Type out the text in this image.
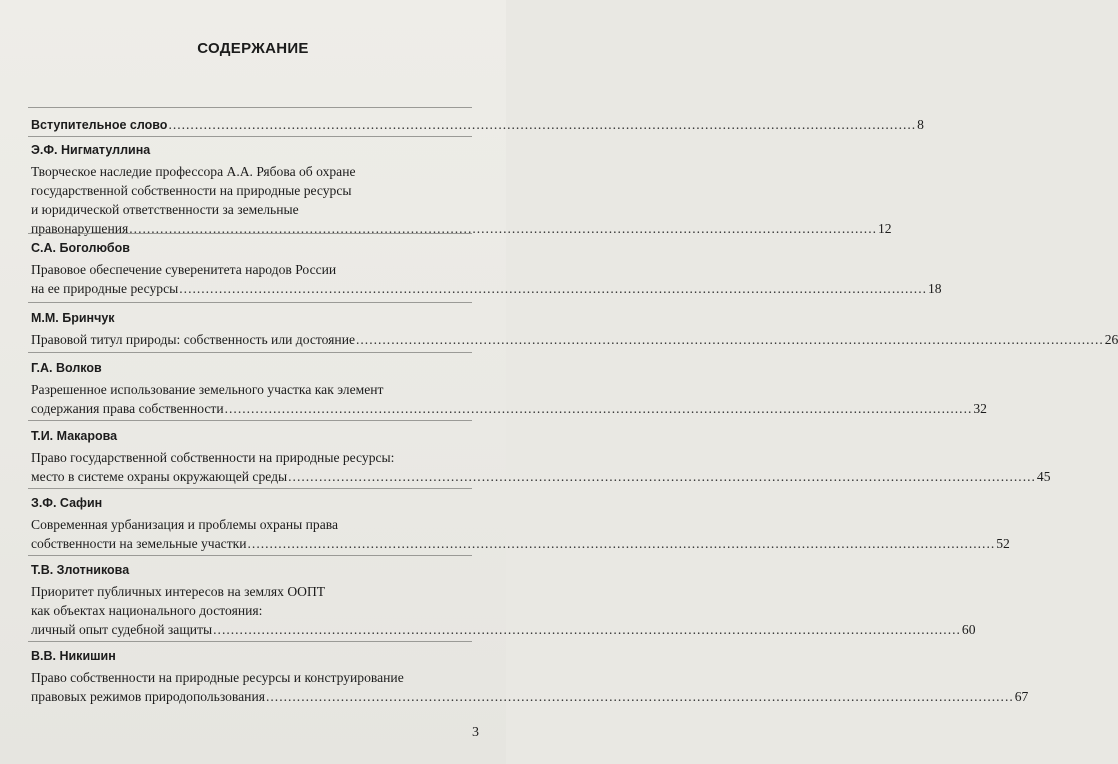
СОДЕРЖАНИЕ
Вступительное слово .......................................................................................................................................................................... 8
Э.Ф. Нигматуллина
Творческое наследие профессора А.А. Рябова об охране
государственной собственности на природные ресурсы
и юридической ответственности за земельные
правонарушения .......................................................................................................................................................................... 12
С.А. Боголюбов
Правовое обеспечение суверенитета народов России
на ее природные ресурсы .......................................................................................................................................................................... 18
М.М. Бринчук
Правовой титул природы: собственность или достояние .......................................................................................................................................................................... 26
Г.А. Волков
Разрешенное использование земельного участка как элемент
содержания права собственности .......................................................................................................................................................................... 32
Т.И. Макарова
Право государственной собственности на природные ресурсы:
место в системе охраны окружающей среды .......................................................................................................................................................................... 45
З.Ф. Сафин
Современная урбанизация и проблемы охраны права
собственности на земельные участки .......................................................................................................................................................................... 52
Т.В. Злотникова
Приоритет публичных интересов на землях ООПТ
как объектах национального достояния:
личный опыт судебной защиты .......................................................................................................................................................................... 60
В.В. Никишин
Право собственности на природные ресурсы и конструирование
правовых режимов природопользования .......................................................................................................................................................................... 67
3
